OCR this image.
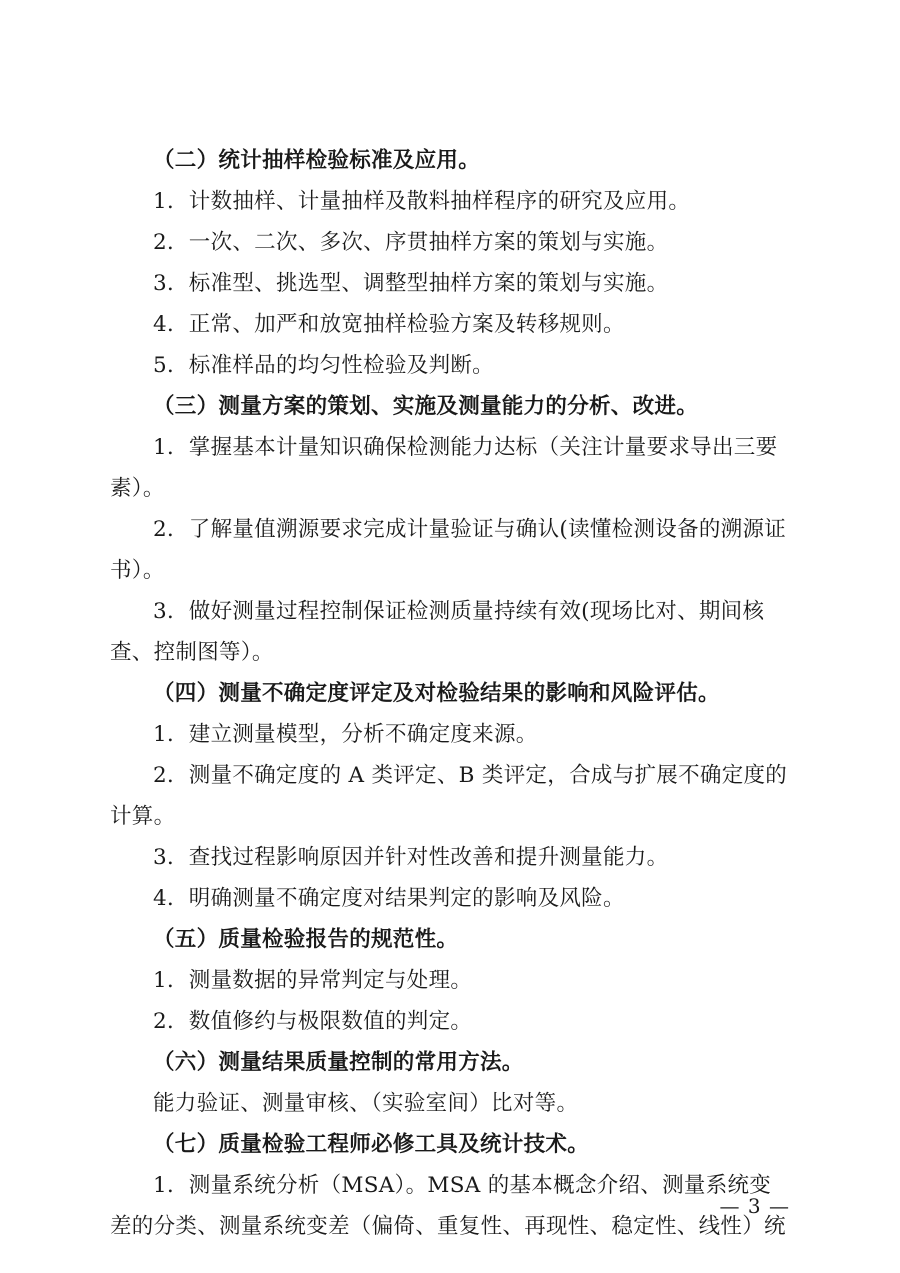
（二）统计抽样检验标准及应用。

1．计数抽样、计量抽样及散料抽样程序的研究及应用。

2．一次、二次、多次、序贯抽样方案的策划与实施。

3．标准型、挑选型、调整型抽样方案的策划与实施。

4．正常、加严和放宽抽样检验方案及转移规则。

5．标准样品的均匀性检验及判断。

（三）测量方案的策划、实施及测量能力的分析、改进。

1．掌握基本计量知识确保检测能力达标（关注计量要求导出三要素）。

2．了解量值溯源要求完成计量验证与确认(读懂检测设备的溯源证书）。

3．做好测量过程控制保证检测质量持续有效(现场比对、期间核查、控制图等）。

（四）测量不确定度评定及对检验结果的影响和风险评估。

1．建立测量模型，分析不确定度来源。

2．测量不确定度的 A 类评定、B 类评定，合成与扩展不确定度的计算。

3．查找过程影响原因并针对性改善和提升测量能力。

4．明确测量不确定度对结果判定的影响及风险。

（五）质量检验报告的规范性。

1．测量数据的异常判定与处理。

2．数值修约与极限数值的判定。

（六）测量结果质量控制的常用方法。

能力验证、测量审核、（实验室间）比对等。

（七）质量检验工程师必修工具及统计技术。

1．测量系统分析（MSA）。MSA 的基本概念介绍、测量系统变差的分类、测量系统变差（偏倚、重复性、再现性、稳定性、线性）统

— 3 —
